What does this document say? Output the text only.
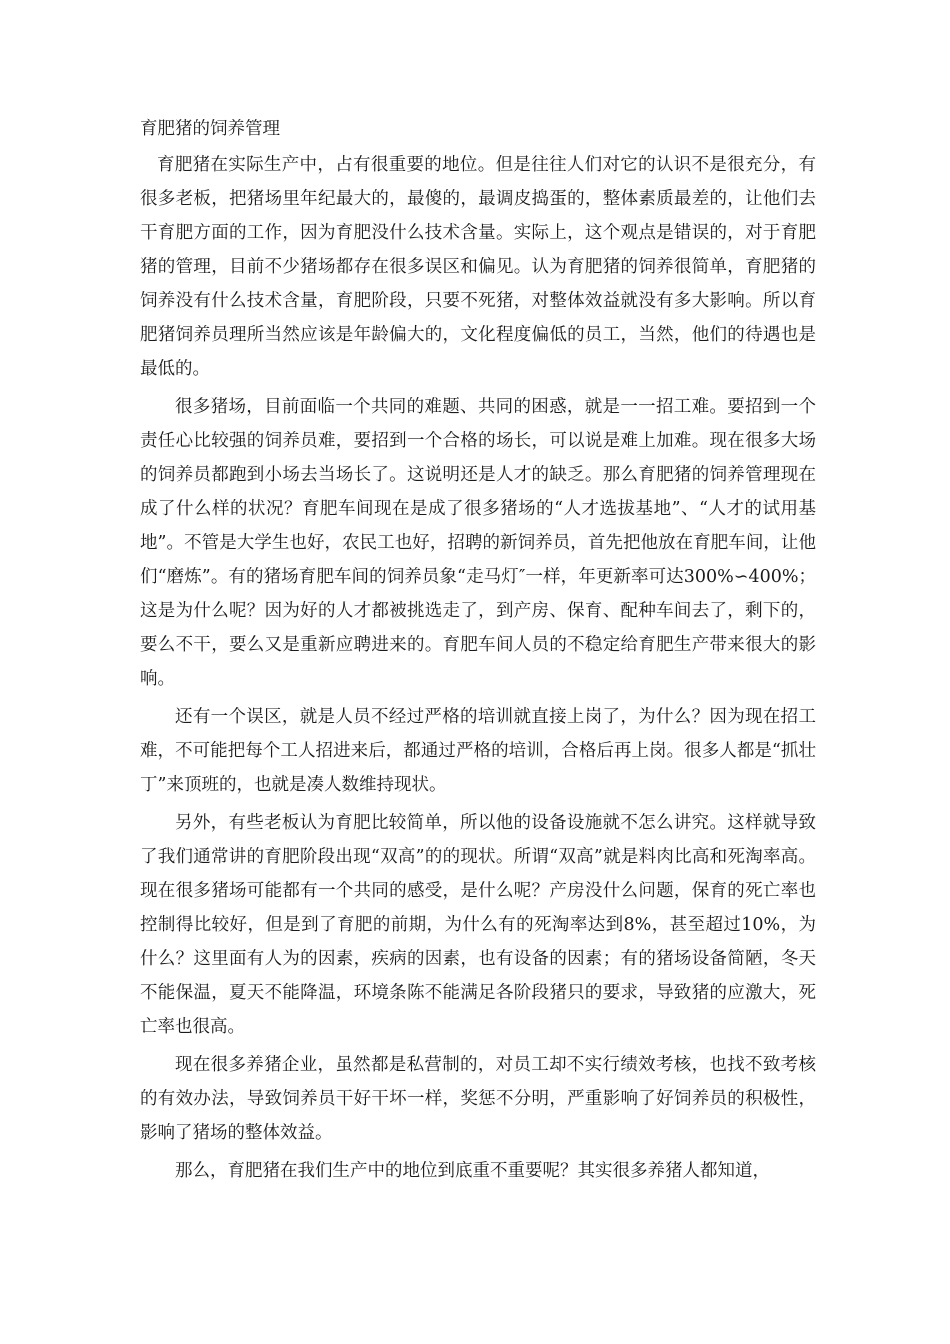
育肥猪的饲养管理

育肥猪在实际生产中，占有很重要的地位。但是往往人们对它的认识不是很充分，有很多老板，把猪场里年纪最大的，最傻的，最调皮捣蛋的，整体素质最差的，让他们去干育肥方面的工作，因为育肥没什么技术含量。实际上，这个观点是错误的，对于育肥猪的管理，目前不少猪场都存在很多误区和偏见。认为育肥猪的饲养很简单，育肥猪的饲养没有什么技术含量，育肥阶段，只要不死猪，对整体效益就没有多大影响。所以育肥猪饲养员理所当然应该是年龄偏大的，文化程度偏低的员工，当然，他们的待遇也是最低的。

很多猪场，目前面临一个共同的难题、共同的困惑，就是一一招工难。要招到一个责任心比较强的饲养员难，要招到一个合格的场长，可以说是难上加难。现在很多大场的饲养员都跑到小场去当场长了。这说明还是人才的缺乏。那么育肥猪的饲养管理现在成了什么样的状况？育肥车间现在是成了很多猪场的“人才选拔基地”、“人才的试用基地”。不管是大学生也好，农民工也好，招聘的新饲养员，首先把他放在育肥车间，让他们“磨炼”。有的猪场育肥车间的饲养员象“走马灯″一样，年更新率可达300%∽400%；这是为什么呢？因为好的人才都被挑选走了，到产房、保育、配种车间去了，剩下的，要么不干，要么又是重新应聘进来的。育肥车间人员的不稳定给育肥生产带来很大的影响。

还有一个误区，就是人员不经过严格的培训就直接上岗了，为什么？因为现在招工难，不可能把每个工人招进来后，都通过严格的培训，合格后再上岗。很多人都是“抓壮丁”来顶班的，也就是凑人数维持现状。

另外，有些老板认为育肥比较简单，所以他的设备设施就不怎么讲究。这样就导致了我们通常讲的育肥阶段出现“双高”的的现状。所谓“双高”就是料肉比高和死淘率高。现在很多猪场可能都有一个共同的感受，是什么呢？产房没什么问题，保育的死亡率也控制得比较好，但是到了育肥的前期，为什么有的死淘率达到8%，甚至超过10%，为什么？这里面有人为的因素，疾病的因素，也有设备的因素；有的猪场设备简陋，冬天不能保温，夏天不能降温，环境条陈不能满足各阶段猪只的要求，导致猪的应激大，死亡率也很高。

现在很多养猪企业，虽然都是私营制的，对员工却不实行绩效考核，也找不致考核的有效办法，导致饲养员干好干坏一样，奖惩不分明，严重影响了好饲养员的积极性，影响了猪场的整体效益。

那么，育肥猪在我们生产中的地位到底重不重要呢？其实很多养猪人都知道，
